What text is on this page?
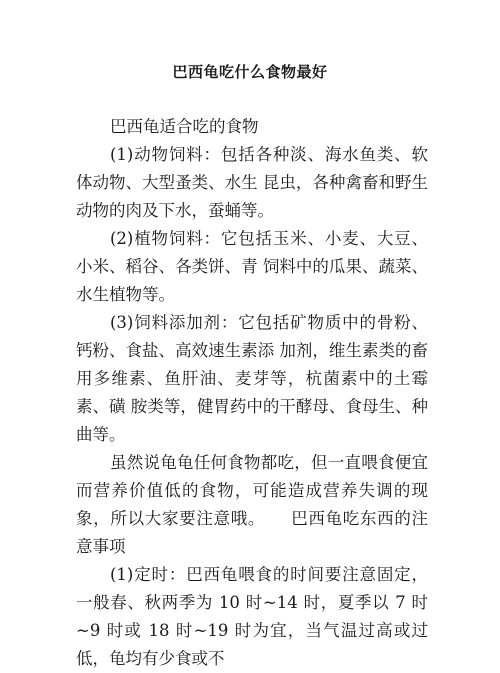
巴西龟吃什么食物最好

巴西龟适合吃的食物

(1)动物饲料：包括各种淡、海水鱼类、软体动物、大型蚤类、水生 昆虫，各种禽畜和野生动物的肉及下水，蚕蛹等。

(2)植物饲料：它包括玉米、小麦、大豆、小米、稻谷、各类饼、青 饲料中的瓜果、蔬菜、水生植物等。

(3)饲料添加剂：它包括矿物质中的骨粉、钙粉、食盐、高效速生素添 加剂，维生素类的畜用多维素、鱼肝油、麦芽等，杭菌素中的土霉素、磺 胺类等，健胃药中的干酵母、食母生、种曲等。

虽然说龟龟任何食物都吃，但一直喂食便宜而营养价值低的食物，可能造成营养失调的现象，所以大家要注意哦。　　巴西龟吃东西的注意事项

(1)定时：巴西龟喂食的时间要注意固定，一般春、秋两季为 10 时~14 时，夏季以 7 时~9 时或 18 时~19 时为宜，当气温过高或过低，龟均有少食或不
